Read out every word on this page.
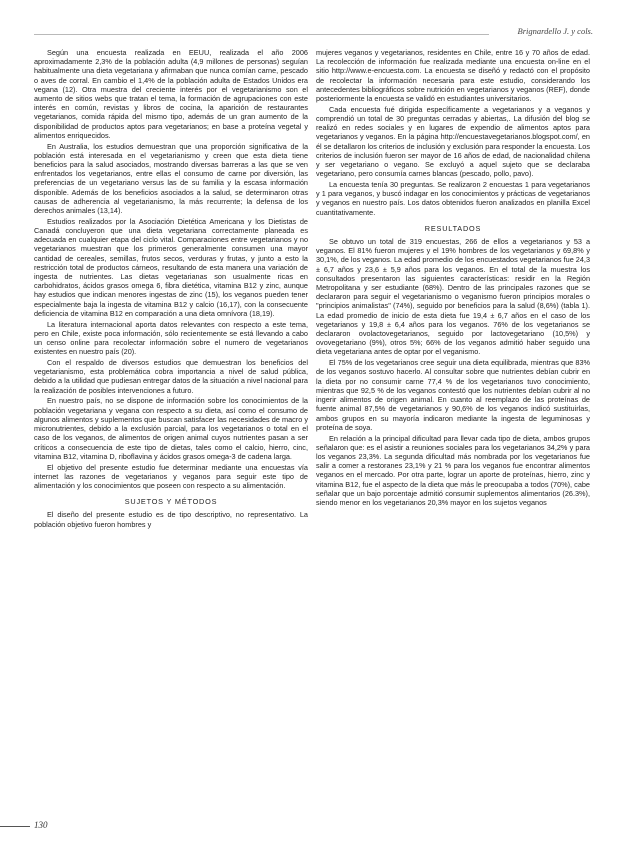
Brignardello J. y cols.

Según una encuesta realizada en EEUU, realizada el año 2006 aproximadamente 2,3% de la población adulta (4,9 millones de personas) seguían habitualmente una dieta vegetariana y afirmaban que nunca comían carne, pescado o aves de corral. En cambio el 1,4% de la población adulta de Estados Unidos era vegana (12). Otra muestra del creciente interés por el vegetarianismo son el aumento de sitios webs que tratan el tema, la formación de agrupaciones con este interés en común, revistas y libros de cocina, la aparición de restaurantes vegetarianos, comida rápida del mismo tipo, además de un gran aumento de la disponibilidad de productos aptos para vegetarianos; en base a proteína vegetal y alimentos enriquecidos.

En Australia, los estudios demuestran que una proporción significativa de la población está interesada en el vegetarianismo y creen que esta dieta tiene beneficios para la salud asociados, mostrando diversas barreras a las que se ven enfrentados los vegetarianos, entre ellas el consumo de carne por diversión, las preferencias de un vegetariano versus las de su familia y la escasa información disponible. Además de los beneficios asociados a la salud, se determinaron otras causas de adherencia al vegetarianismo, la más recurrente; la defensa de los derechos animales (13,14).

Estudios realizados por la Asociación Dietética Americana y los Dietistas de Canadá concluyeron que una dieta vegetariana correctamente planeada es adecuada en cualquier etapa del ciclo vital. Comparaciones entre vegetarianos y no vegetarianos muestran que los primeros generalmente consumen una mayor cantidad de cereales, semillas, frutos secos, verduras y frutas, y junto a esto la restricción total de productos cárneos, resultando de esta manera una variación de ingesta de nutrientes. Las dietas vegetarianas son usualmente ricas en carbohidratos, ácidos grasos omega 6, fibra dietética, vitamina B12 y zinc, aunque hay estudios que indican menores ingestas de zinc (15), los veganos pueden tener especialmente baja la ingesta de vitamina B12 y calcio (16,17), con la consecuente deficiencia de vitamina B12 en comparación a una dieta omnívora (18,19).

La literatura internacional aporta datos relevantes con respecto a este tema, pero en Chile, existe poca información, sólo recientemente se está llevando a cabo un censo online para recolectar información sobre el numero de vegetarianos existentes en nuestro país (20).

Con el respaldo de diversos estudios que demuestran los beneficios del vegetarianismo, esta problemática cobra importancia a nivel de salud pública, debido a la utilidad que pudiesan entregar datos de la situación a nivel nacional para la realización de posibles intervenciones a futuro.

En nuestro país, no se dispone de información sobre los conocimientos de la población vegetariana y vegana con respecto a su dieta, así como el consumo de algunos alimentos y suplementos que buscan satisfacer las necesidades de macro y micronutrientes, debido a la exclusión parcial, para los vegetarianos o total en el caso de los veganos, de alimentos de origen animal cuyos nutrientes pasan a ser críticos a consecuencia de este tipo de dietas, tales como el calcio, hierro, cinc, vitamina B12, vitamina D, riboflavina y ácidos grasos omega-3 de cadena larga.

El objetivo del presente estudio fue determinar mediante una encuestas vía internet las razones de vegetarianos y veganos para seguir este tipo de alimentación y los conocimientos que poseen con respecto a su alimentación.

SUJETOS Y MÉTODOS

El diseño del presente estudio es de tipo descriptivo, no representativo. La población objetivo fueron hombres y

mujeres veganos y vegetarianos, residentes en Chile, entre 16 y 70 años de edad. La recolección de información fue realizada mediante una encuesta on-line en el sitio http://www.e-encuesta.com. La encuesta se diseñó y redactó con el propósito de recolectar la información necesaria para este estudio, considerando los antecedentes bibliográficos sobre nutrición en vegetarianos y veganos (REF), donde posteriormente la encuesta se validó en estudiantes universitarios.

Cada encuesta fué dirigida específicamente a vegetarianos y a veganos y comprendió un total de 30 preguntas cerradas y abiertas,. La difusión del blog se realizó en redes sociales y en lugares de expendio de alimentos aptos para vegetarianos y veganos. En la página http://encuestavegetarianos.blogspot.com/, en él se detallaron los criterios de inclusión y exclusión para responder la encuesta. Los criterios de inclusión fueron ser mayor de 16 años de edad, de nacionalidad chilena y ser vegetariano o vegano. Se excluyó a aquel sujeto que se declaraba vegetariano, pero consumía carnes blancas (pescado, pollo, pavo).

La encuesta tenía 30 preguntas. Se realizaron 2 encuestas 1 para vegetarianos y 1 para veganos, y buscó indagar en los conocimientos y prácticas de vegetarianos y veganos en nuestro país. Los datos obtenidos fueron analizados en planilla Excel cuantitativamente.

RESULTADOS

Se obtuvo un total de 319 encuestas, 266 de ellos a vegetarianos y 53 a veganos. El 81% fueron mujeres y el 19% hombres de los vegetarianos y 69,8% y 30,1%, de los veganos. La edad promedio de los encuestados vegetarianos fue 24,3 ± 6,7 años y 23,6 ± 5,9 años para los veganos. En el total de la muestra los consultados presentaron las siguientes características: residir en la Región Metropolitana y ser estudiante (68%). Dentro de las principales razones que se declararon para seguir el vegetarianismo o veganismo fueron principios morales o "principios animalistas" (74%), seguido por beneficios para la salud (8,6%) (tabla 1). La edad promedio de inicio de esta dieta fue 19,4 ± 6,7 años en el caso de los vegetarianos y 19,8 ± 6,4 años para los veganos. 76% de los vegetarianos se declararon ovolactovegetarianos, seguido por lactovegetariano (10,5%) y ovovegetariano (9%), otros 5%; 66% de los veganos admitió haber seguido una dieta vegetariana antes de optar por el veganismo.

El 75% de los vegetarianos cree seguir una dieta equilibrada, mientras que 83% de los veganos sostuvo hacerlo. Al consultar sobre que nutrientes debían cubrir en la dieta por no consumir carne 77,4 % de los vegetarianos tuvo conocimiento, mientras que 92,5 % de los veganos contestó que los nutrientes debían cubrir al no ingerir alimentos de origen animal. En cuanto al reemplazo de las proteínas de fuente animal 87,5% de vegetarianos y 90,6% de los veganos indicó sustituirlas, ambos grupos en su mayoría indicaron mediante la ingesta de leguminosas y proteína de soya.

En relación a la principal dificultad para llevar cada tipo de dieta, ambos grupos señalaron que: es el asistir a reuniones sociales para los vegetarianos 34,2% y para los veganos 23,3%. La segunda dificultad más nombrada por los vegetarianos fue salir a comer a restoranes 23,1% y 21 % para los veganos fue encontrar alimentos veganos en el mercado. Por otra parte, lograr un aporte de proteínas, hierro, zinc y vitamina B12, fue el aspecto de la dieta que más le preocupaba a todos (70%), cabe señalar que un bajo porcentaje admitió consumir suplementos alimentarios (26.3%), siendo menor en los vegetarianos 20,3% mayor en los sujetos veganos

130
